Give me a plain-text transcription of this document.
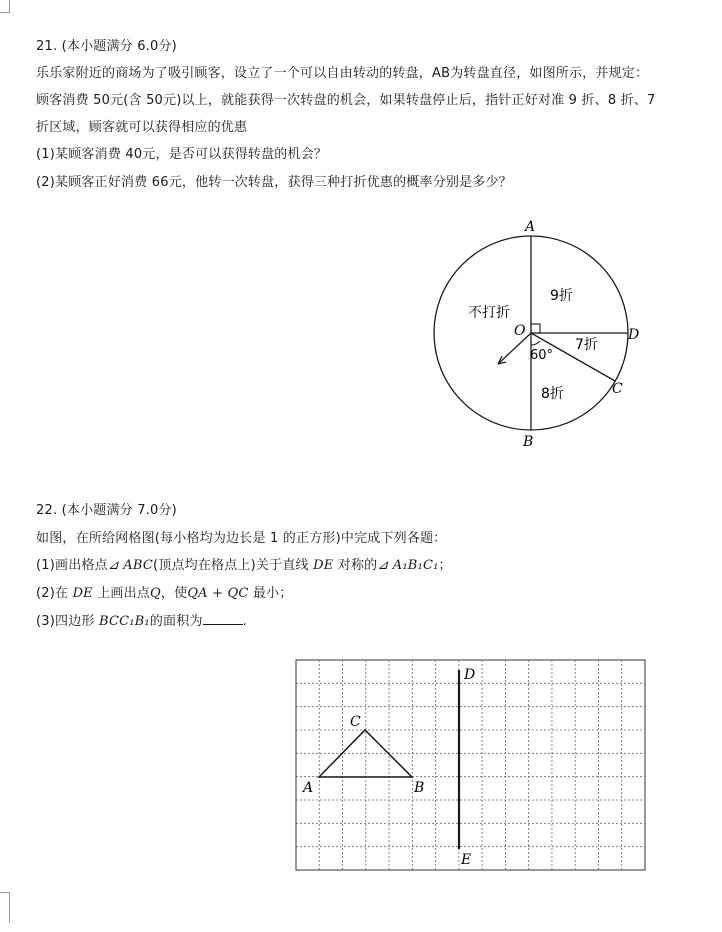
21. (本小题满分 6.0分)
乐乐家附近的商场为了吸引顾客，设立了一个可以自由转动的转盘，AB为转盘直径，如图所示，并规定：
顾客消费 50元(含 50元)以上，就能获得一次转盘的机会，如果转盘停止后，指针正好对准 9 折、8 折、7
折区域，顾客就可以获得相应的优惠
(1)某顾客消费 40元，是否可以获得转盘的机会？
(2)某顾客正好消费 66元，他转一次转盘，获得三种打折优惠的概率分别是多少？
A
B
C
D
O
9折
7折
8折
不打折
60°
22. (本小题满分 7.0分)
如图，在所给网格图(每小格均为边长是 1 的正方形)中完成下列各题：
(1)画出格点⊿ ABC(顶点均在格点上)关于直线 DE 对称的⊿ A₁B₁C₁；
(2)在 DE 上画出点Q，使QA + QC 最小；
(3)四边形 BCC₁B₁的面积为	.
D
E
C
A	B
